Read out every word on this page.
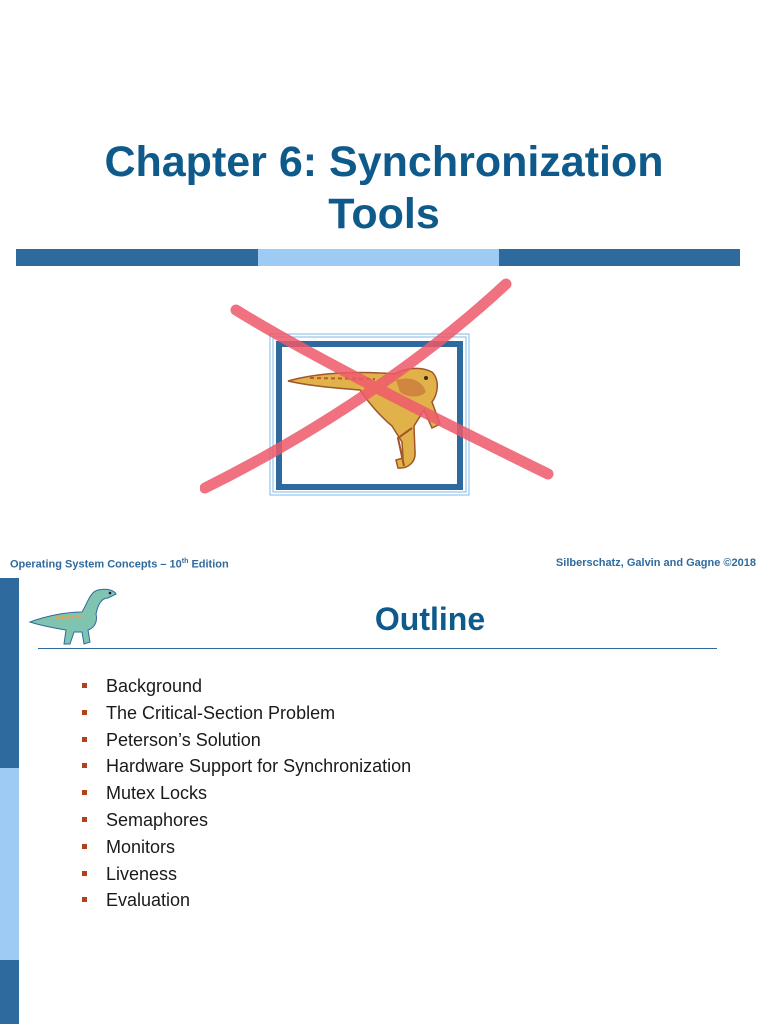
Chapter 6: Synchronization
Tools

Operating System Concepts – 10th Edition	Silberschatz, Galvin and Gagne ©2018

Outline
Background
The Critical-Section Problem
Peterson’s Solution
Hardware Support for Synchronization
Mutex Locks
Semaphores
Monitors
Liveness
Evaluation
